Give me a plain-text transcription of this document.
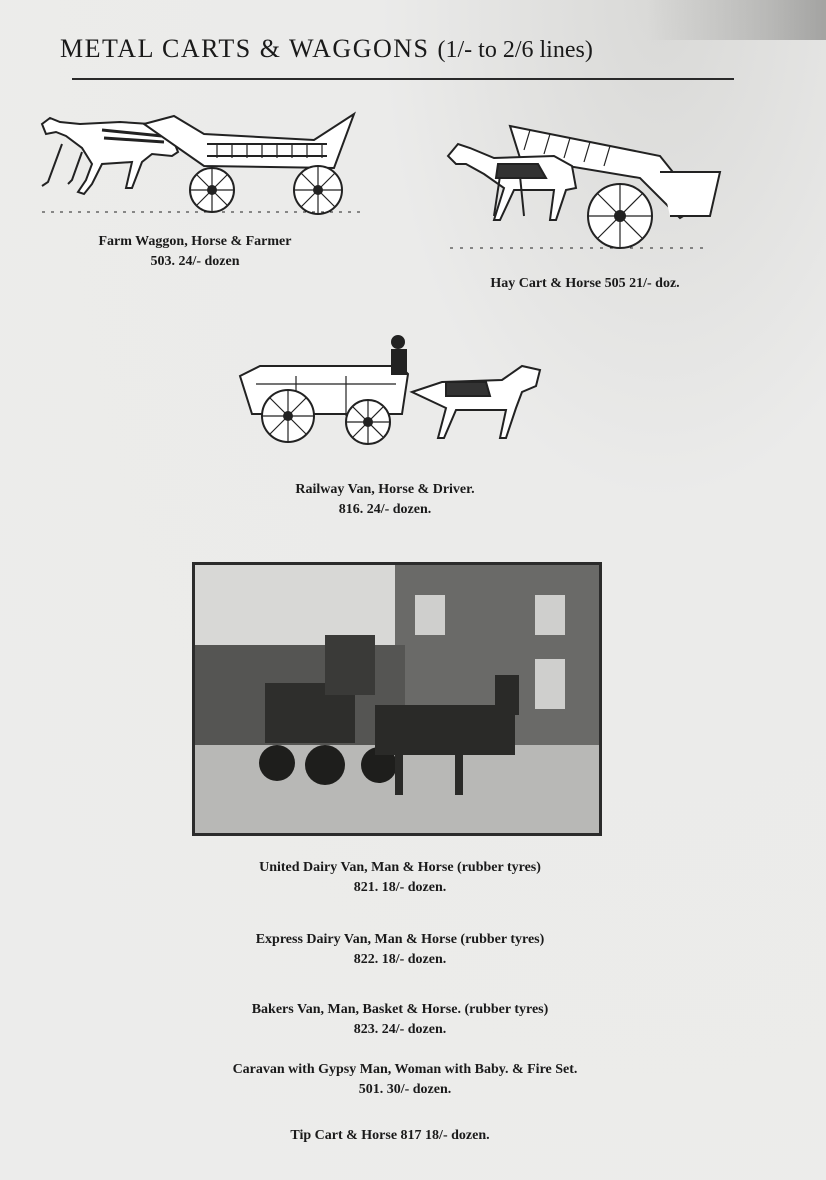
METAL CARTS & WAGGONS (1/- to 2/6 lines)
Farm Waggon, Horse & Farmer
503. 24/- dozen
Hay Cart & Horse 505 21/- doz.
Railway Van, Horse & Driver.
816. 24/- dozen.
United Dairy Van, Man & Horse (rubber tyres)
821. 18/- dozen.
Express Dairy Van, Man & Horse (rubber tyres)
822. 18/- dozen.
Bakers Van, Man, Basket & Horse. (rubber tyres)
823. 24/- dozen.
Caravan with Gypsy Man, Woman with Baby. & Fire Set.
501. 30/- dozen.
Tip Cart & Horse 817 18/- dozen.
